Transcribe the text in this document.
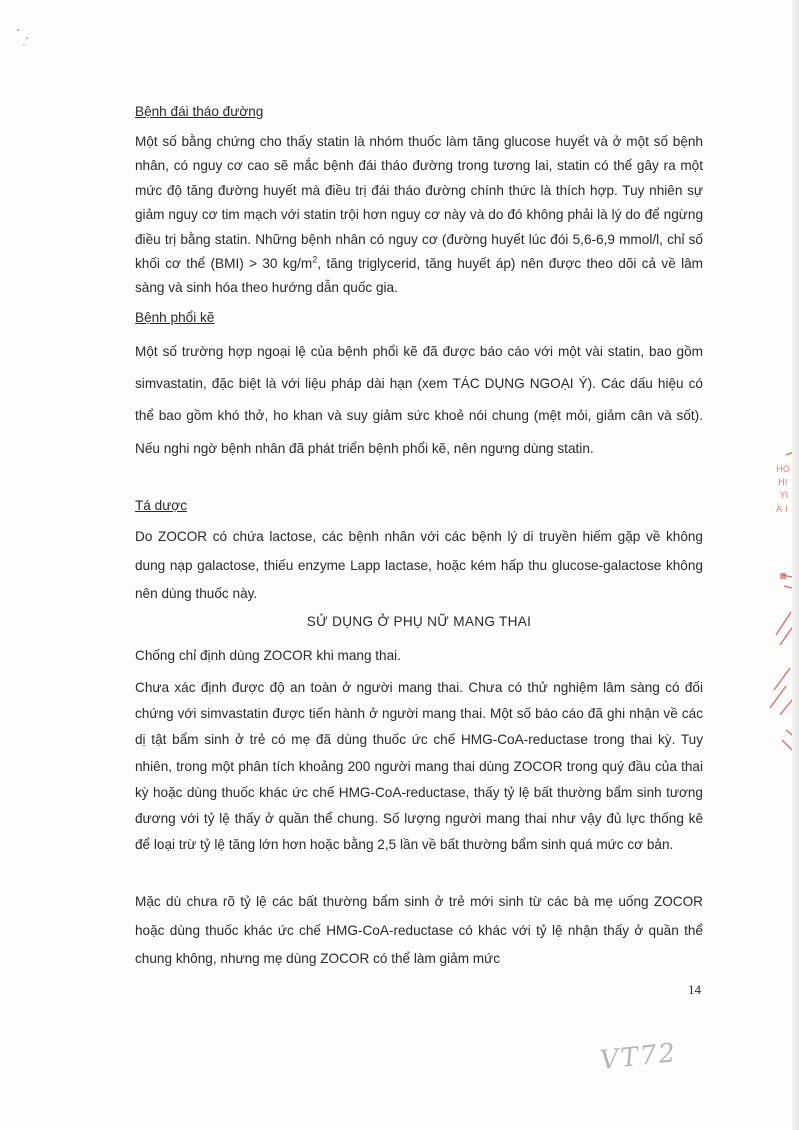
Bệnh đái tháo đường
Một số bằng chứng cho thấy statin là nhóm thuốc làm tăng glucose huyết và ở một số bệnh nhân, có nguy cơ cao sẽ mắc bệnh đái tháo đường trong tương lai, statin có thể gây ra một mức độ tăng đường huyết mà điều trị đái tháo đường chính thức là thích hợp. Tuy nhiên sự giảm nguy cơ tim mạch với statin trội hơn nguy cơ này và do đó không phải là lý do để ngừng điều trị bằng statin. Những bệnh nhân có nguy cơ (đường huyết lúc đói 5,6-6,9 mmol/l, chỉ số khối cơ thể (BMI) > 30 $kg/m^2$, tăng triglycerid, tăng huyết áp) nên được theo dõi cả về lâm sàng và sinh hóa theo hướng dẫn quốc gia.
Bệnh phổi kẽ
Một số trường hợp ngoại lệ của bệnh phổi kẽ đã được báo cáo với một vài statin, bao gồm simvastatin, đặc biệt là với liệu pháp dài hạn (xem TÁC DỤNG NGOẠI Ý). Các dấu hiệu có thể bao gồm khó thở, ho khan và suy giảm sức khoẻ nói chung (mệt mỏi, giảm cân và sốt). Nếu nghi ngờ bệnh nhân đã phát triển bệnh phổi kẽ, nên ngưng dùng statin.
Tá dược
Do ZOCOR có chứa lactose, các bệnh nhân với các bệnh lý di truyền hiếm gặp về không dung nạp galactose, thiếu enzyme Lapp lactase, hoặc kém hấp thu glucose-galactose không nên dùng thuốc này.
SỬ DỤNG Ở PHỤ NỮ MANG THAI
Chống chỉ định dùng ZOCOR khi mang thai.
Chưa xác định được độ an toàn ở người mang thai. Chưa có thử nghiệm lâm sàng có đối chứng với simvastatin được tiến hành ở người mang thai. Một số báo cáo đã ghi nhận về các dị tật bẩm sinh ở trẻ có mẹ đã dùng thuốc ức chế HMG-CoA-reductase trong thai kỳ. Tuy nhiên, trong một phân tích khoảng 200 người mang thai dùng ZOCOR trong quý đầu của thai kỳ hoặc dùng thuốc khác ức chế HMG-CoA-reductase, thấy tỷ lệ bất thường bẩm sinh tương đương với tỷ lệ thấy ở quần thể chung. Số lượng người mang thai như vậy đủ lực thống kê để loại trừ tỷ lệ tăng lớn hơn hoặc bằng 2,5 lần về bất thường bẩm sinh quá mức cơ bản.
Mặc dù chưa rõ tỷ lệ các bất thường bẩm sinh ở trẻ mới sinh từ các bà mẹ uống ZOCOR hoặc dùng thuốc khác ức chế HMG-CoA-reductase có khác với tỷ lệ nhận thấy ở quần thể chung không, nhưng mẹ dùng ZOCOR có thể làm giảm mức
14
VT72
HÒ
HI
YI
À I
